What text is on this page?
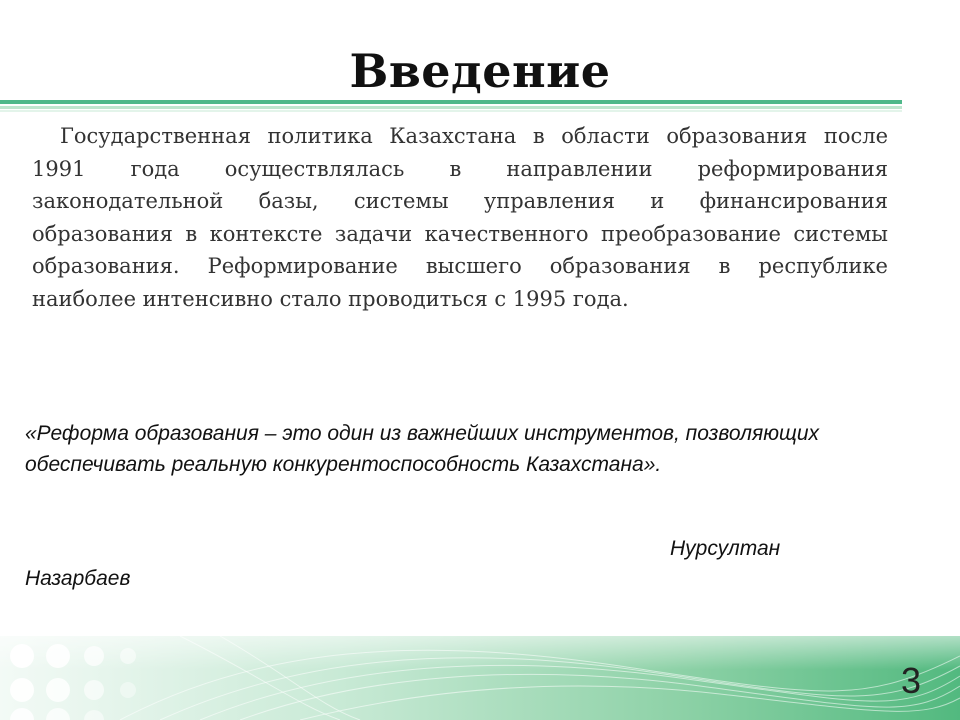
Введение

Государственная политика Казахстана в области образования после 1991 года осуществлялась в направлении реформирования законодательной базы, системы управления и финансирования образования в контексте задачи качественного преобразование системы образования. Реформирование высшего образования в республике наиболее интенсивно стало проводиться с 1995 года.

«Реформа образования – это один из важнейших инструментов, позволяющих обеспечивать реальную конкурентоспособность Казахстана».

Нурсултан
Назарбаев
3
